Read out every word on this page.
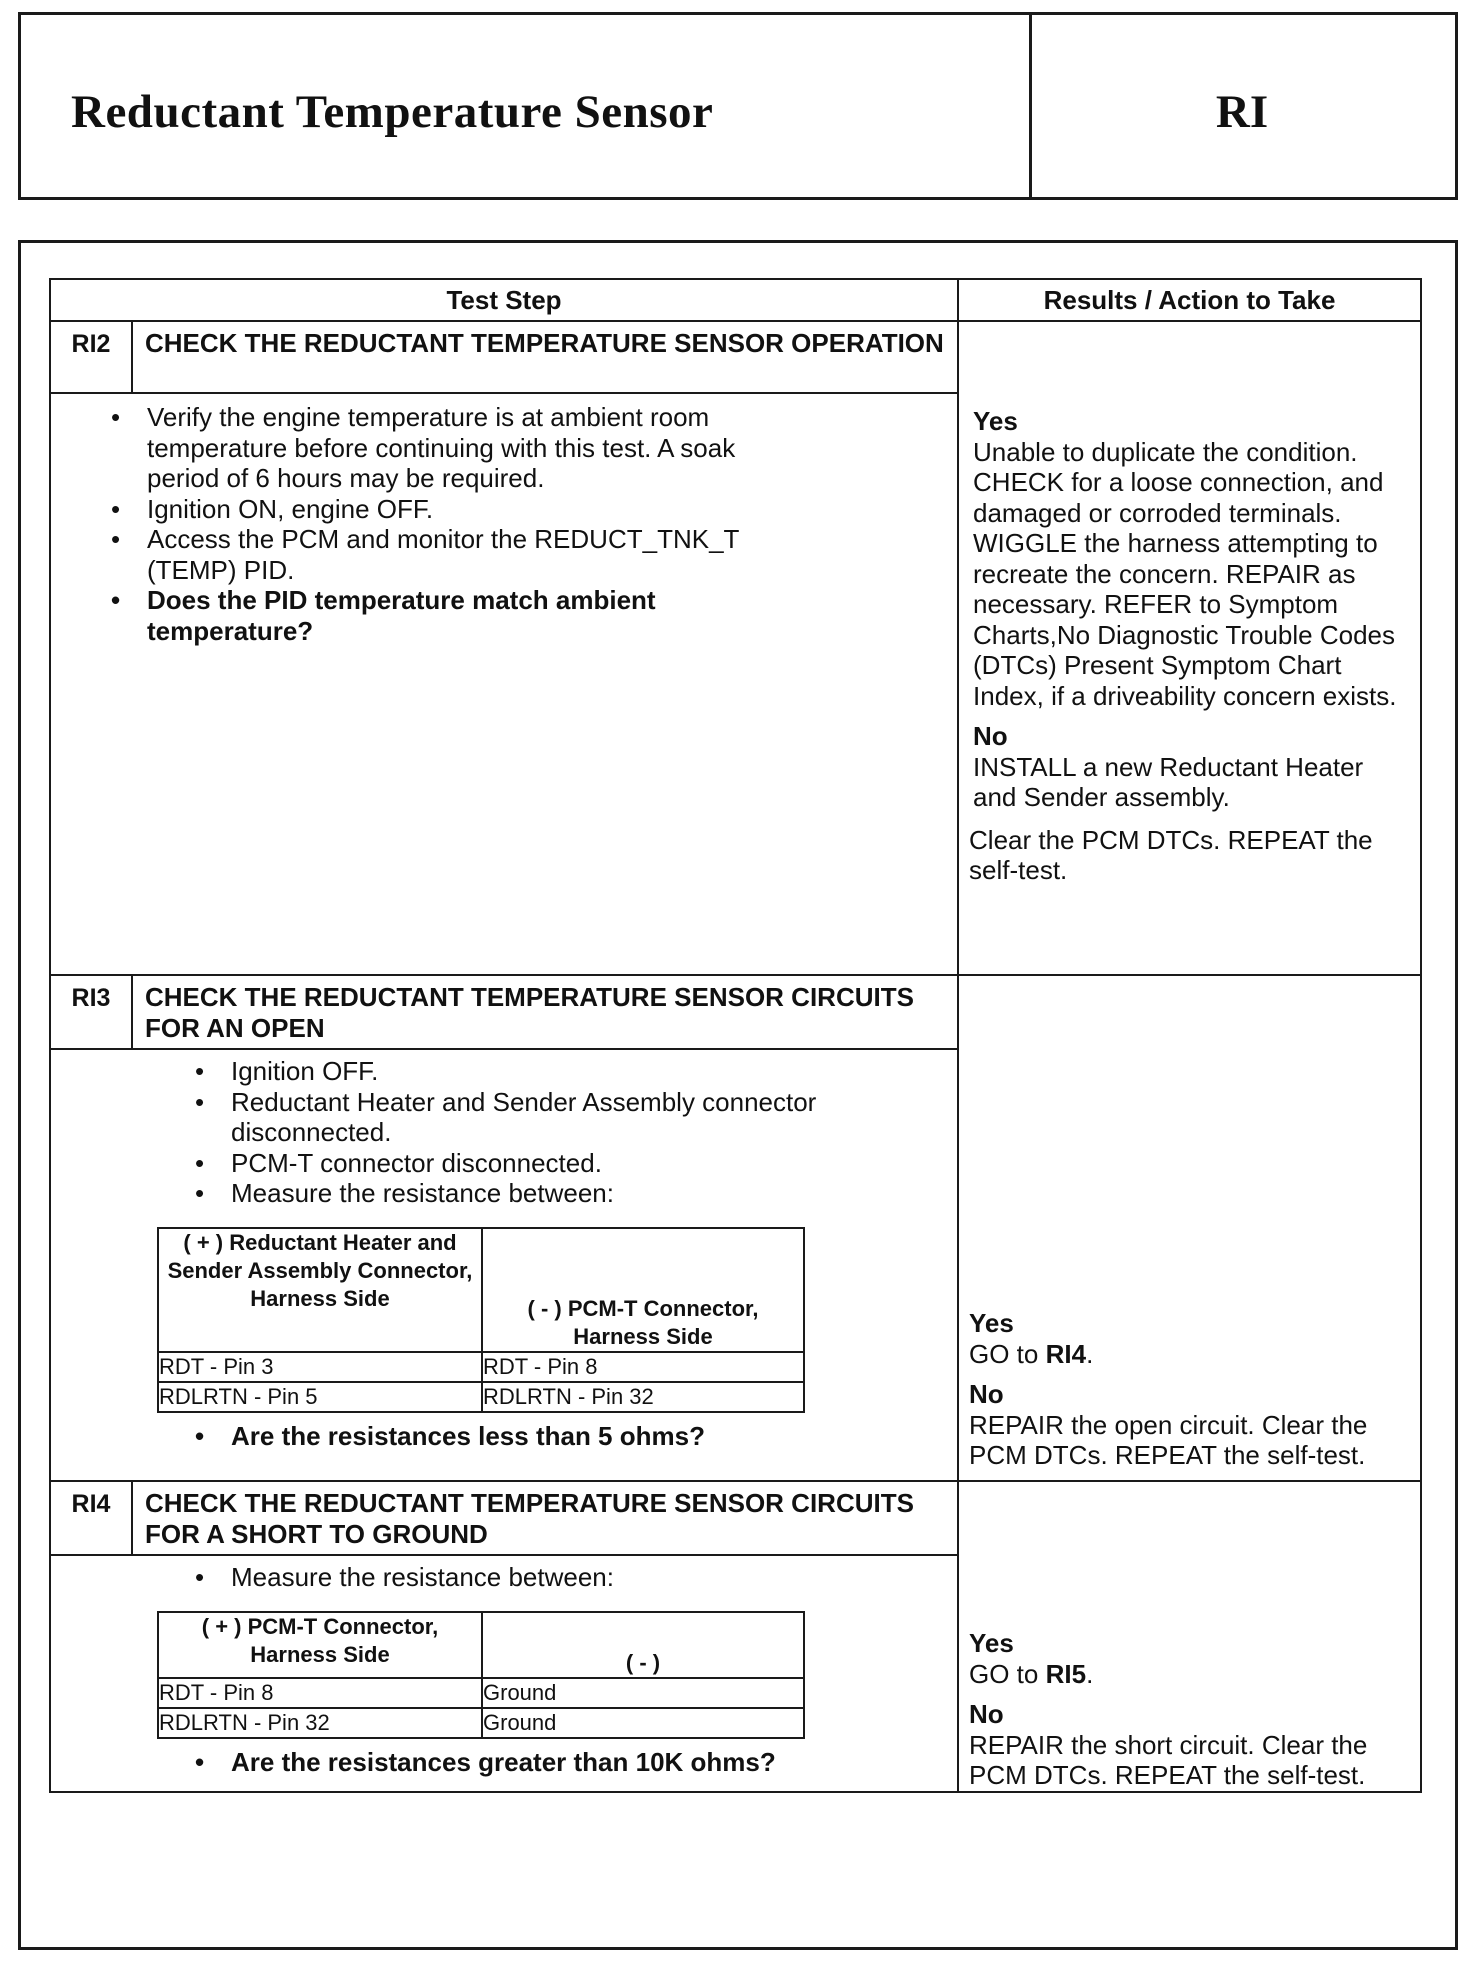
Reductant Temperature Sensor	RI
Test Step	Results / Action to Take
RI2	CHECK THE REDUCTANT TEMPERATURE SENSOR OPERATION	
Yes
Unable to duplicate the condition. CHECK for a loose connection, and damaged or corroded terminals. WIGGLE the harness attempting to recreate the concern. REPAIR as necessary. REFER to Symptom Charts,No Diagnostic Trouble Codes (DTCs) Present Symptom Chart Index, if a driveability concern exists.
No
INSTALL a new Reductant Heater and Sender assembly.
Clear the PCM DTCs. REPEAT the self-test.

• Verify the engine temperature is at ambient room temperature before continuing with this test. A soak period of 6 hours may be required.
• Ignition ON, engine OFF.
• Access the PCM and monitor the REDUCT_TNK_T (TEMP) PID.
• Does the PID temperature match ambient temperature?

RI3	CHECK THE REDUCTANT TEMPERATURE SENSOR CIRCUITS FOR AN OPEN	
Yes
GO to RI4.
No
REPAIR the open circuit. Clear the PCM DTCs. REPEAT the self-test.

• Ignition OFF.
• Reductant Heater and Sender Assembly connector disconnected.
• PCM-T connector disconnected.
• Measure the resistance between:
( + ) Reductant Heater and Sender Assembly Connector, Harness Side	( - ) PCM-T Connector, Harness Side
RDT - Pin 3	RDT - Pin 8
RDLRTN - Pin 5	RDLRTN - Pin 32
• Are the resistances less than 5 ohms?

RI4	CHECK THE REDUCTANT TEMPERATURE SENSOR CIRCUITS FOR A SHORT TO GROUND	
Yes
GO to RI5.
No
REPAIR the short circuit. Clear the PCM DTCs. REPEAT the self-test.

• Measure the resistance between:
( + ) PCM-T Connector, Harness Side	( - )
RDT - Pin 8	Ground
RDLRTN - Pin 32	Ground
• Are the resistances greater than 10K ohms?
